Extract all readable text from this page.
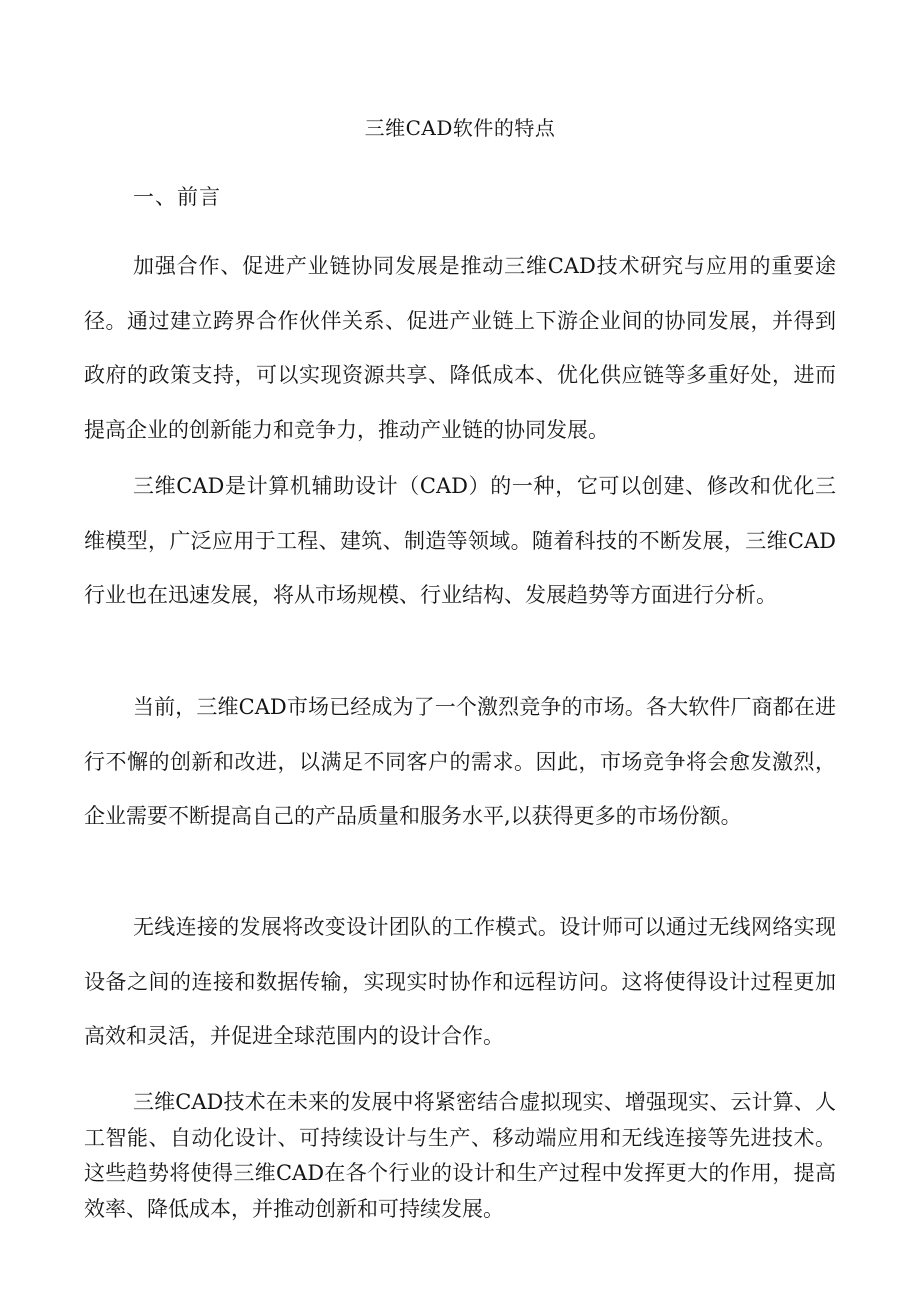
三维CAD软件的特点
一、前言

加强合作、促进产业链协同发展是推动三维CAD技术研究与应用的重要途径。通过建立跨界合作伙伴关系、促进产业链上下游企业间的协同发展，并得到政府的政策支持，可以实现资源共享、降低成本、优化供应链等多重好处，进而提高企业的创新能力和竞争力，推动产业链的协同发展。

三维CAD是计算机辅助设计（CAD）的一种，它可以创建、修改和优化三维模型，广泛应用于工程、建筑、制造等领域。随着科技的不断发展，三维CAD行业也在迅速发展，将从市场规模、行业结构、发展趋势等方面进行分析。

当前，三维CAD市场已经成为了一个激烈竞争的市场。各大软件厂商都在进行不懈的创新和改进，以满足不同客户的需求。因此，市场竞争将会愈发激烈，企业需要不断提高自己的产品质量和服务水平,以获得更多的市场份额。

无线连接的发展将改变设计团队的工作模式。设计师可以通过无线网络实现设备之间的连接和数据传输，实现实时协作和远程访问。这将使得设计过程更加高效和灵活，并促进全球范围内的设计合作。

三维CAD技术在未来的发展中将紧密结合虚拟现实、增强现实、云计算、人工智能、自动化设计、可持续设计与生产、移动端应用和无线连接等先进技术。这些趋势将使得三维CAD在各个行业的设计和生产过程中发挥更大的作用，提高效率、降低成本，并推动创新和可持续发展。
